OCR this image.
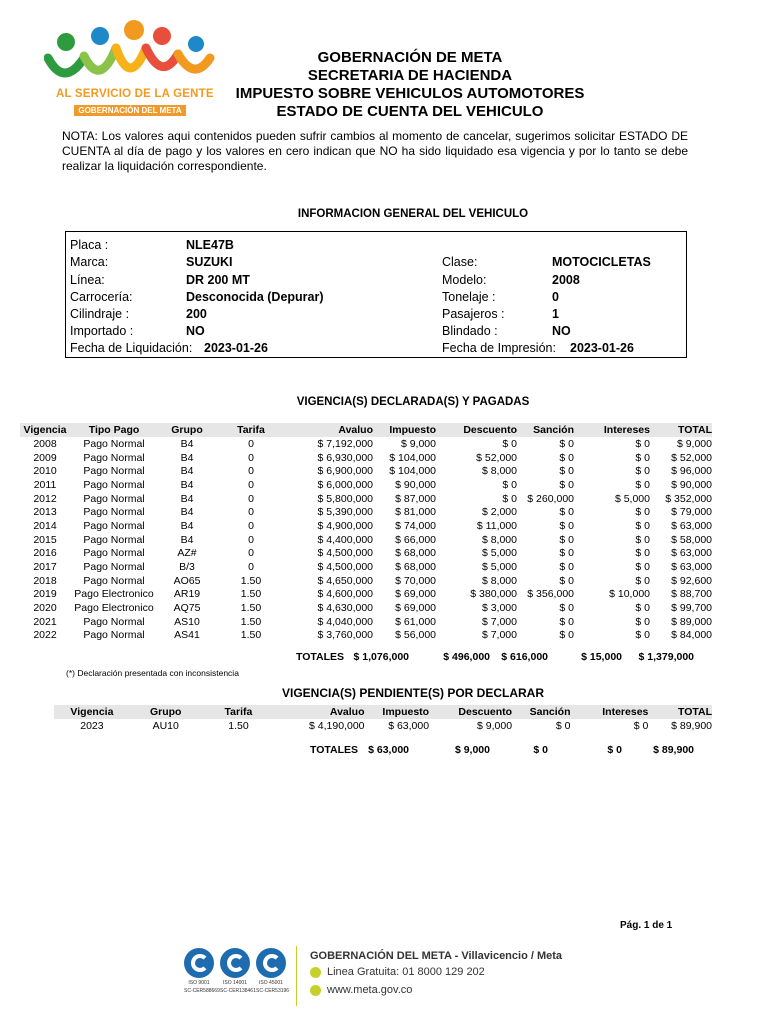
AL SERVICIO DE LA GENTE
GOBERNACIÓN DEL META
GOBERNACIÓN DE META
SECRETARIA DE HACIENDA
IMPUESTO SOBRE VEHICULOS AUTOMOTORES
ESTADO DE CUENTA DEL VEHICULO
NOTA: Los valores aqui contenidos pueden sufrir cambios al momento de cancelar, sugerimos solicitar ESTADO DE CUENTA al día de pago y los valores en cero indican que NO ha sido liquidado esa vigencia y por lo tanto se debe realizar la liquidación correspondiente.
INFORMACION GENERAL DEL VEHICULO
Placa :	NLE47B
Marca:	SUZUKI	Clase:	MOTOCICLETAS
Línea:	DR 200 MT	Modelo:	2008
Carrocería:	Desconocida (Depurar)	Tonelaje :	0
Cilindraje :	200	Pasajeros :	1
Importado :	NO	Blindado :	NO
Fecha de Liquidación: 2023-01-26	Fecha de Impresión: 2023-01-26
VIGENCIA(S) DECLARADA(S) Y PAGADAS
Vigencia	Tipo Pago	Grupo	Tarifa	Avaluo	Impuesto	Descuento	Sanción	Intereses	TOTAL
2008	Pago Normal	B4	0	$ 7,192,000	$ 9,000	$ 0	$ 0	$ 0	$ 9,000
2009	Pago Normal	B4	0	$ 6,930,000	$ 104,000	$ 52,000	$ 0	$ 0	$ 52,000
2010	Pago Normal	B4	0	$ 6,900,000	$ 104,000	$ 8,000	$ 0	$ 0	$ 96,000
2011	Pago Normal	B4	0	$ 6,000,000	$ 90,000	$ 0	$ 0	$ 0	$ 90,000
2012	Pago Normal	B4	0	$ 5,800,000	$ 87,000	$ 0	$ 260,000	$ 5,000	$ 352,000
2013	Pago Normal	B4	0	$ 5,390,000	$ 81,000	$ 2,000	$ 0	$ 0	$ 79,000
2014	Pago Normal	B4	0	$ 4,900,000	$ 74,000	$ 11,000	$ 0	$ 0	$ 63,000
2015	Pago Normal	B4	0	$ 4,400,000	$ 66,000	$ 8,000	$ 0	$ 0	$ 58,000
2016	Pago Normal	AZ#	0	$ 4,500,000	$ 68,000	$ 5,000	$ 0	$ 0	$ 63,000
2017	Pago Normal	B/3	0	$ 4,500,000	$ 68,000	$ 5,000	$ 0	$ 0	$ 63,000
2018	Pago Normal	AO65	1.50	$ 4,650,000	$ 70,000	$ 8,000	$ 0	$ 0	$ 92,600
2019	Pago Electronico	AR19	1.50	$ 4,600,000	$ 69,000	$ 380,000	$ 356,000	$ 10,000	$ 88,700
2020	Pago Electronico	AQ75	1.50	$ 4,630,000	$ 69,000	$ 3,000	$ 0	$ 0	$ 99,700
2021	Pago Normal	AS10	1.50	$ 4,040,000	$ 61,000	$ 7,000	$ 0	$ 0	$ 89,000
2022	Pago Normal	AS41	1.50	$ 3,760,000	$ 56,000	$ 7,000	$ 0	$ 0	$ 84,000
TOTALES $ 1,076,000	$ 496,000	$ 616,000	$ 15,000	$ 1,379,000
(*) Declaración presentada con inconsistencia
VIGENCIA(S) PENDIENTE(S) POR DECLARAR
Vigencia	Grupo	Tarifa	Avaluo	Impuesto	Descuento	Sanción	Intereses	TOTAL
2023	AU10	1.50	$ 4,190,000	$ 63,000	$ 9,000	$ 0	$ 0	$ 89,900
TOTALES $ 63,000	$ 9,000	$ 0	$ 0	$ 89,900
Pág. 1 de 1
ISO 9001
SC-CER588669
ISO 14001
SC-CER138461
ISO 45001
SC-CER53196
GOBERNACIÓN DEL META - Villavicencio / Meta
Linea Gratuita: 01 8000 129 202
www.meta.gov.co
